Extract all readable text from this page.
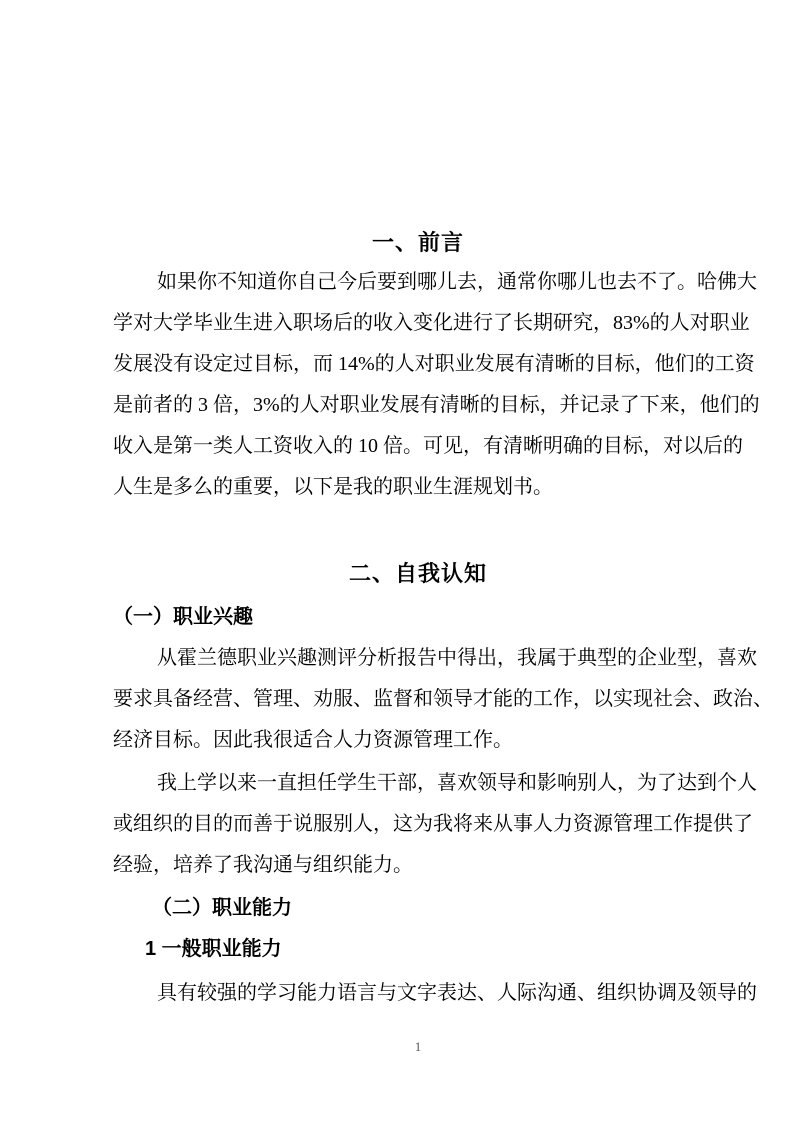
一、前言
如果你不知道你自己今后要到哪儿去，通常你哪儿也去不了。哈佛大
学对大学毕业生进入职场后的收入变化进行了长期研究，83%的人对职业
发展没有设定过目标，而 14%的人对职业发展有清晰的目标，他们的工资
是前者的 3 倍，3%的人对职业发展有清晰的目标，并记录了下来，他们的
收入是第一类人工资收入的 10 倍。可见，有清晰明确的目标，对以后的
人生是多么的重要，以下是我的职业生涯规划书。
二、自我认知
（一）职业兴趣
从霍兰德职业兴趣测评分析报告中得出，我属于典型的企业型，喜欢
要求具备经营、管理、劝服、监督和领导才能的工作，以实现社会、政治、
经济目标。因此我很适合人力资源管理工作。
我上学以来一直担任学生干部，喜欢领导和影响别人，为了达到个人
或组织的目的而善于说服别人，这为我将来从事人力资源管理工作提供了
经验，培养了我沟通与组织能力。
（二）职业能力
1 一般职业能力
具有较强的学习能力语言与文字表达、人际沟通、组织协调及领导的
1
